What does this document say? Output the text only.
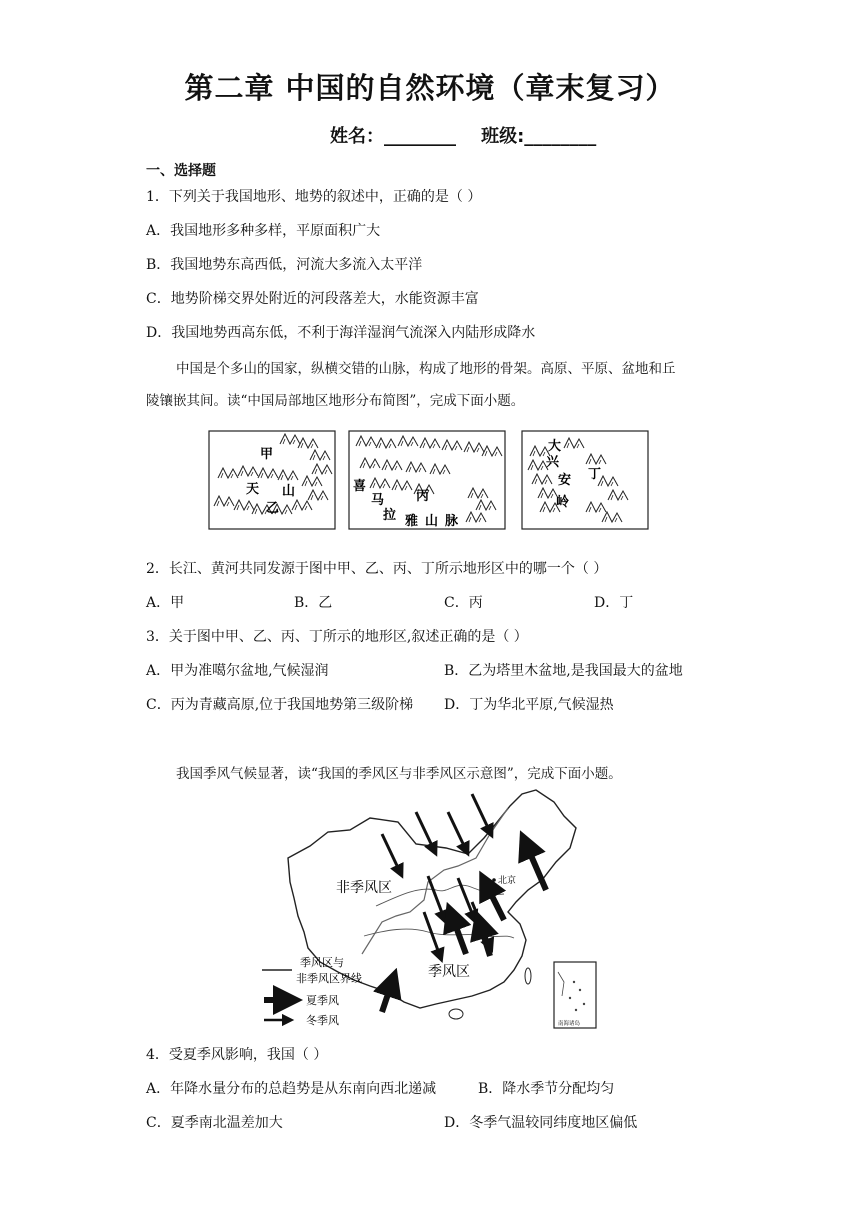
第二章 中国的自然环境（章末复习）
姓名：________    班级:________
一、选择题
1．下列关于我国地形、地势的叙述中，正确的是（ ）
A．我国地形多种多样，平原面积广大
B．我国地势东高西低，河流大多流入太平洋
C．地势阶梯交界处附近的河段落差大，水能资源丰富
D．我国地势西高东低，不利于海洋湿润气流深入内陆形成降水
中国是个多山的国家，纵横交错的山脉，构成了地形的骨架。高原、平原、盆地和丘
陵镶嵌其间。读“中国局部地区地形分布简图”，完成下面小题。
甲
天 山
乙
喜
马
拉 雅 山 脉
丙
大
兴
安
岭
丁
2．长江、黄河共同发源于图中甲、乙、丙、丁所示地形区中的哪一个（ ）
A．甲	B．乙	C．丙	D．丁
3．关于图中甲、乙、丙、丁所示的地形区,叙述正确的是（ ）
A．甲为准噶尔盆地,气候湿润	B．乙为塔里木盆地,是我国最大的盆地
C．丙为青藏高原,位于我国地势第三级阶梯 D．丁为华北平原,气候湿热
我国季风气候显著，读“我国的季风区与非季风区示意图”，完成下面小题。
北京
非季风区
季风区
季风区与
非季风区界线
夏季风
冬季风	南海诸岛
4．受夏季风影响，我国（ ）
A．年降水量分布的总趋势是从东南向西北递减	B．降水季节分配均匀
C．夏季南北温差加大	D．冬季气温较同纬度地区偏低
